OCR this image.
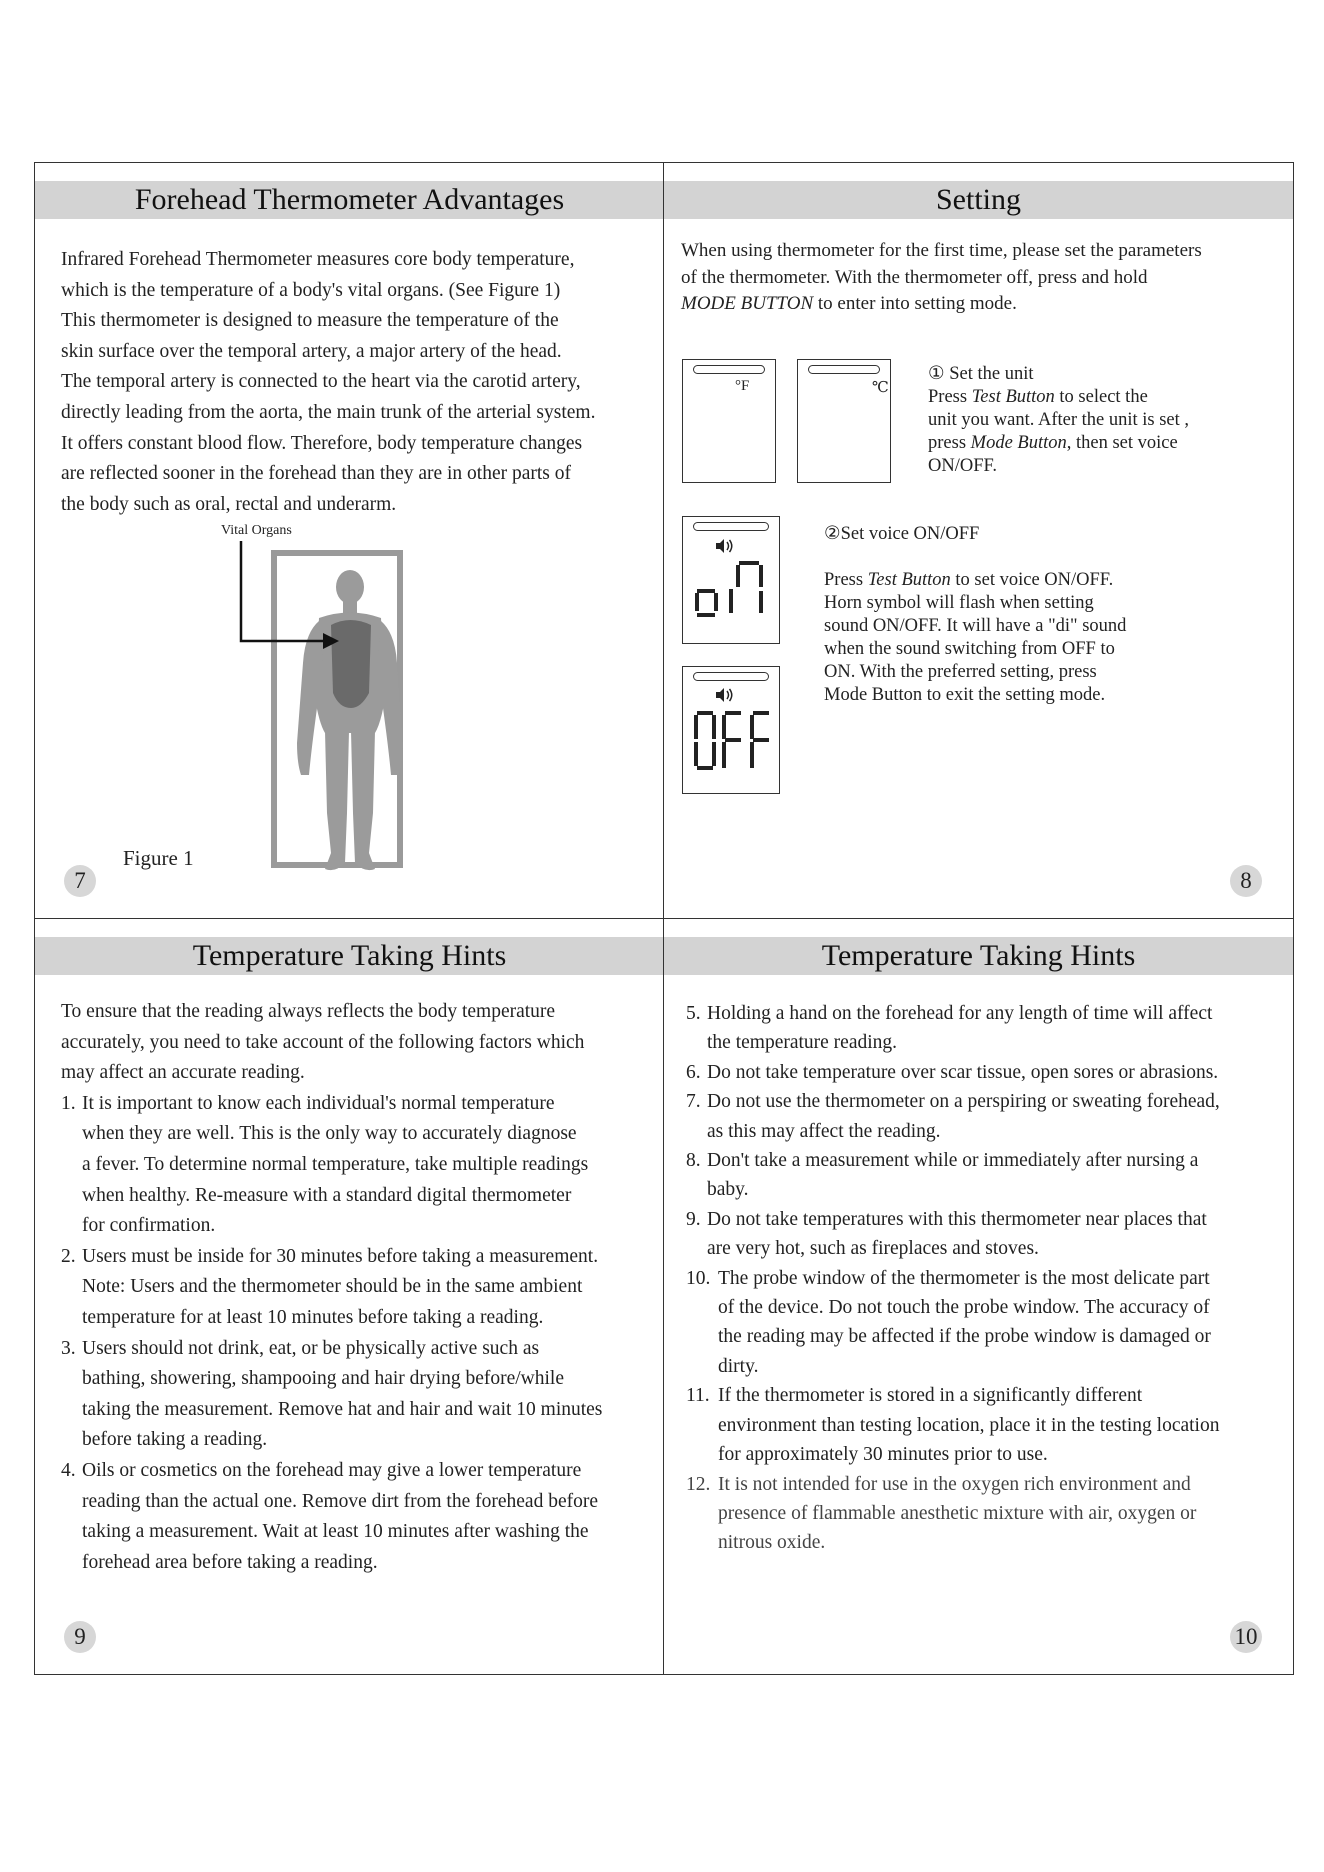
Forehead Thermometer Advantages

Infrared Forehead Thermometer measures core body temperature,

which is the temperature of a body's vital organs. (See Figure 1)

This thermometer is designed to measure the temperature of the

skin surface over the temporal artery, a major artery of the head.

The temporal artery is connected to the heart via the carotid artery,

directly leading from the aorta, the main trunk of the arterial system.

It offers constant blood flow. Therefore, body temperature changes

are reflected sooner in the forehead than they are in other parts of

the body such as oral, rectal and underarm.

Vital Organs
Figure 1
7
Setting

When using thermometer for the first time, please set the parameters

of the thermometer. With the thermometer off, press and hold

MODE BUTTON to enter into setting mode.

°F	℃

① Set the unit

Press Test Button to select the

unit you want. After the unit is set ,

press Mode Button, then set voice

ON/OFF.

②Set voice ON/OFF

Press Test Button to set voice ON/OFF.

Horn symbol will flash when setting

sound ON/OFF. It will have a "di" sound

when the sound switching from OFF to

ON. With the preferred setting, press

Mode Button to exit the setting mode.

8
Temperature Taking Hints

To ensure that the reading always reflects the body temperature

accurately, you need to take account of the following factors which

may affect an accurate reading.

1. It is important to know each individual's normal temperature

when they are well. This is the only way to accurately diagnose

a fever. To determine normal temperature, take multiple readings

when healthy. Re-measure with a standard digital thermometer

for confirmation.

2. Users must be inside for 30 minutes before taking a measurement.

Note: Users and the thermometer should be in the same ambient

temperature for at least 10 minutes before taking a reading.

3. Users should not drink, eat, or be physically active such as

bathing, showering, shampooing and hair drying before/while

taking the measurement. Remove hat and hair and wait 10 minutes

before taking a reading.

4. Oils or cosmetics on the forehead may give a lower temperature

reading than the actual one. Remove dirt from the forehead before

taking a measurement. Wait at least 10 minutes after washing the

forehead area before taking a reading.

9
Temperature Taking Hints
5. Holding a hand on the forehead for any length of time will affect

the temperature reading.

6. Do not take temperature over scar tissue, open sores or abrasions.

7. Do not use the thermometer on a perspiring or sweating forehead,

as this may affect the reading.

8. Don't take a measurement while or immediately after nursing a

baby.

9. Do not take temperatures with this thermometer near places that

are very hot, such as fireplaces and stoves.

10. The probe window of the thermometer is the most delicate part

of the device. Do not touch the probe window. The accuracy of

the reading may be affected if the probe window is damaged or

dirty.

11. If the thermometer is stored in a significantly different

environment than testing location, place it in the testing location

for approximately 30 minutes prior to use.

12. It is not intended for use in the oxygen rich environment and

presence of flammable anesthetic mixture with air, oxygen or

nitrous oxide.

10
